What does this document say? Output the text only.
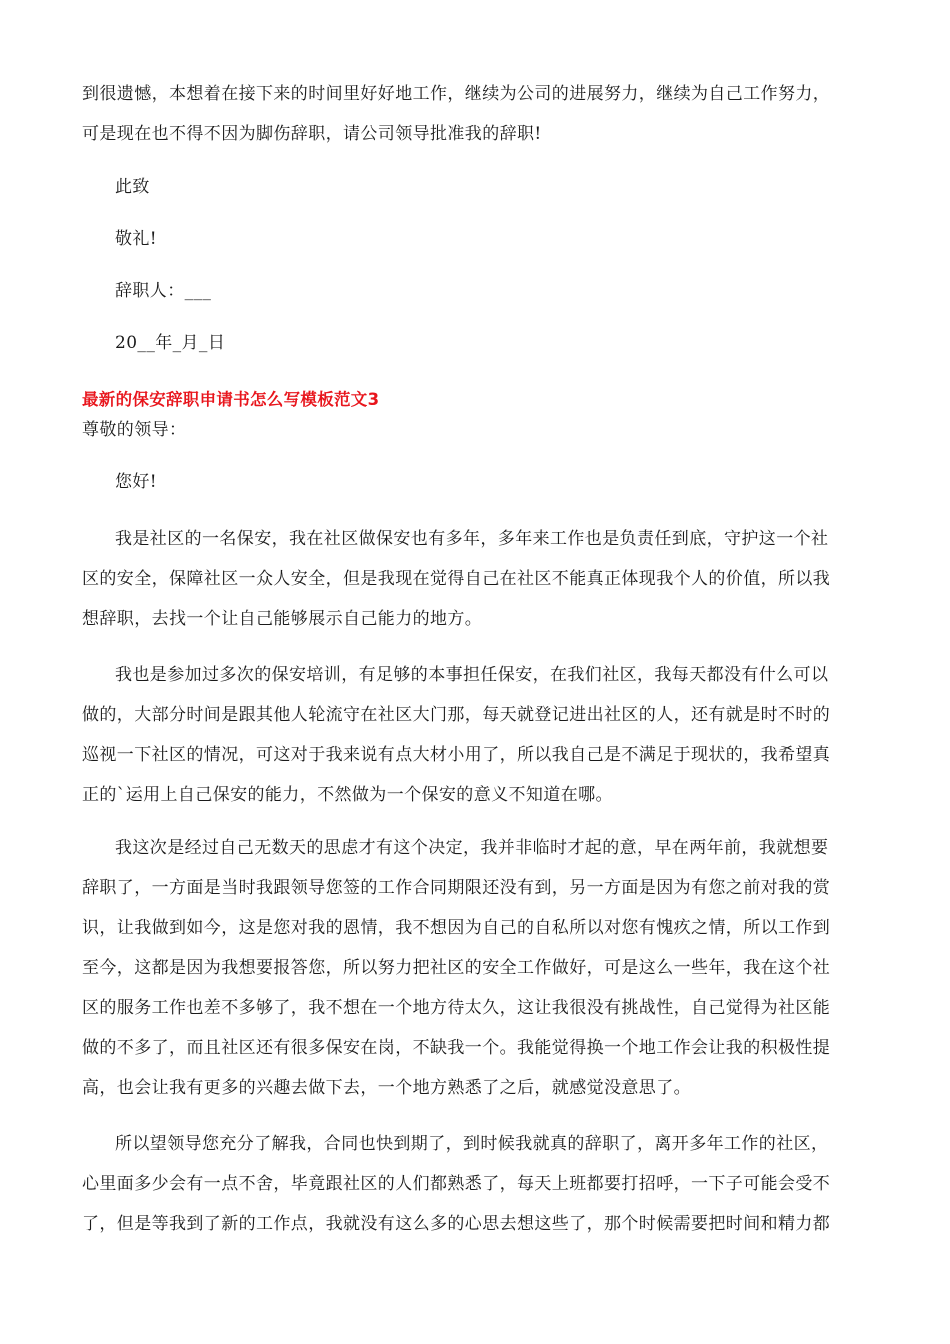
到很遗憾，本想着在接下来的时间里好好地工作，继续为公司的进展努力，继续为自己工作努力，
可是现在也不得不因为脚伤辞职，请公司领导批准我的辞职!
此致
敬礼!
辞职人：___
20__年_月_日
最新的保安辞职申请书怎么写模板范文3
尊敬的领导：
您好!
我是社区的一名保安，我在社区做保安也有多年，多年来工作也是负责任到底，守护这一个社
区的安全，保障社区一众人安全，但是我现在觉得自己在社区不能真正体现我个人的价值，所以我
想辞职，去找一个让自己能够展示自己能力的地方。
我也是参加过多次的保安培训，有足够的本事担任保安，在我们社区，我每天都没有什么可以
做的，大部分时间是跟其他人轮流守在社区大门那，每天就登记进出社区的人，还有就是时不时的
巡视一下社区的情况，可这对于我来说有点大材小用了，所以我自己是不满足于现状的，我希望真
正的`运用上自己保安的能力，不然做为一个保安的意义不知道在哪。
我这次是经过自己无数天的思虑才有这个决定，我并非临时才起的意，早在两年前，我就想要
辞职了，一方面是当时我跟领导您签的工作合同期限还没有到，另一方面是因为有您之前对我的赏
识，让我做到如今，这是您对我的恩情，我不想因为自己的自私所以对您有愧疚之情，所以工作到
至今，这都是因为我想要报答您，所以努力把社区的安全工作做好，可是这么一些年，我在这个社
区的服务工作也差不多够了，我不想在一个地方待太久，这让我很没有挑战性，自己觉得为社区能
做的不多了，而且社区还有很多保安在岗，不缺我一个。我能觉得换一个地工作会让我的积极性提
高，也会让我有更多的兴趣去做下去，一个地方熟悉了之后，就感觉没意思了。
所以望领导您充分了解我，合同也快到期了，到时候我就真的辞职了，离开多年工作的社区，
心里面多少会有一点不舍，毕竟跟社区的人们都熟悉了，每天上班都要打招呼，一下子可能会受不
了，但是等我到了新的工作点，我就没有这么多的心思去想这些了，那个时候需要把时间和精力都
